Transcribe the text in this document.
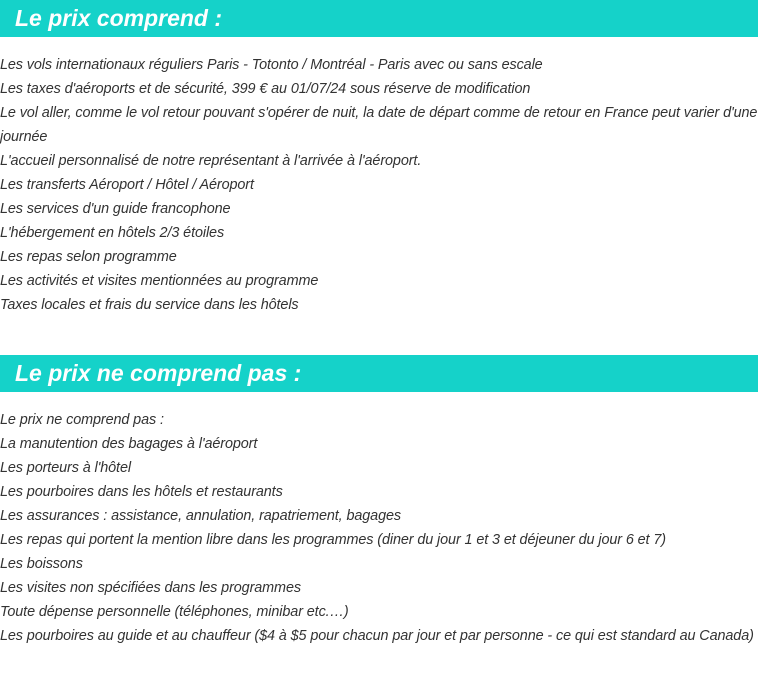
Le prix comprend :
Les vols internationaux réguliers Paris - Totonto / Montréal - Paris avec ou sans escale
Les taxes d'aéroports et de sécurité, 399 € au 01/07/24 sous réserve de modification
Le vol aller, comme le vol retour pouvant s'opérer de nuit, la date de départ comme de retour en France peut varier d'une journée
L'accueil personnalisé de notre représentant à l'arrivée à l'aéroport.
Les transferts Aéroport / Hôtel / Aéroport
Les services d'un guide francophone
L'hébergement en hôtels 2/3 étoiles
Les repas selon programme
Les activités et visites mentionnées au programme
Taxes locales et frais du service dans les hôtels
Le prix ne comprend pas :
Le prix ne comprend pas :
La manutention des bagages à l'aéroport
Les porteurs à l'hôtel
Les pourboires dans les hôtels et restaurants
Les assurances : assistance, annulation, rapatriement, bagages
Les repas qui portent la mention libre dans les programmes (diner du jour 1 et 3 et déjeuner du jour 6 et 7)
Les boissons
Les visites non spécifiées dans les programmes
Toute dépense personnelle (téléphones, minibar etc.…)
Les pourboires au guide et au chauffeur ($4 à $5 pour chacun par jour et par personne - ce qui est standard au Canada)
